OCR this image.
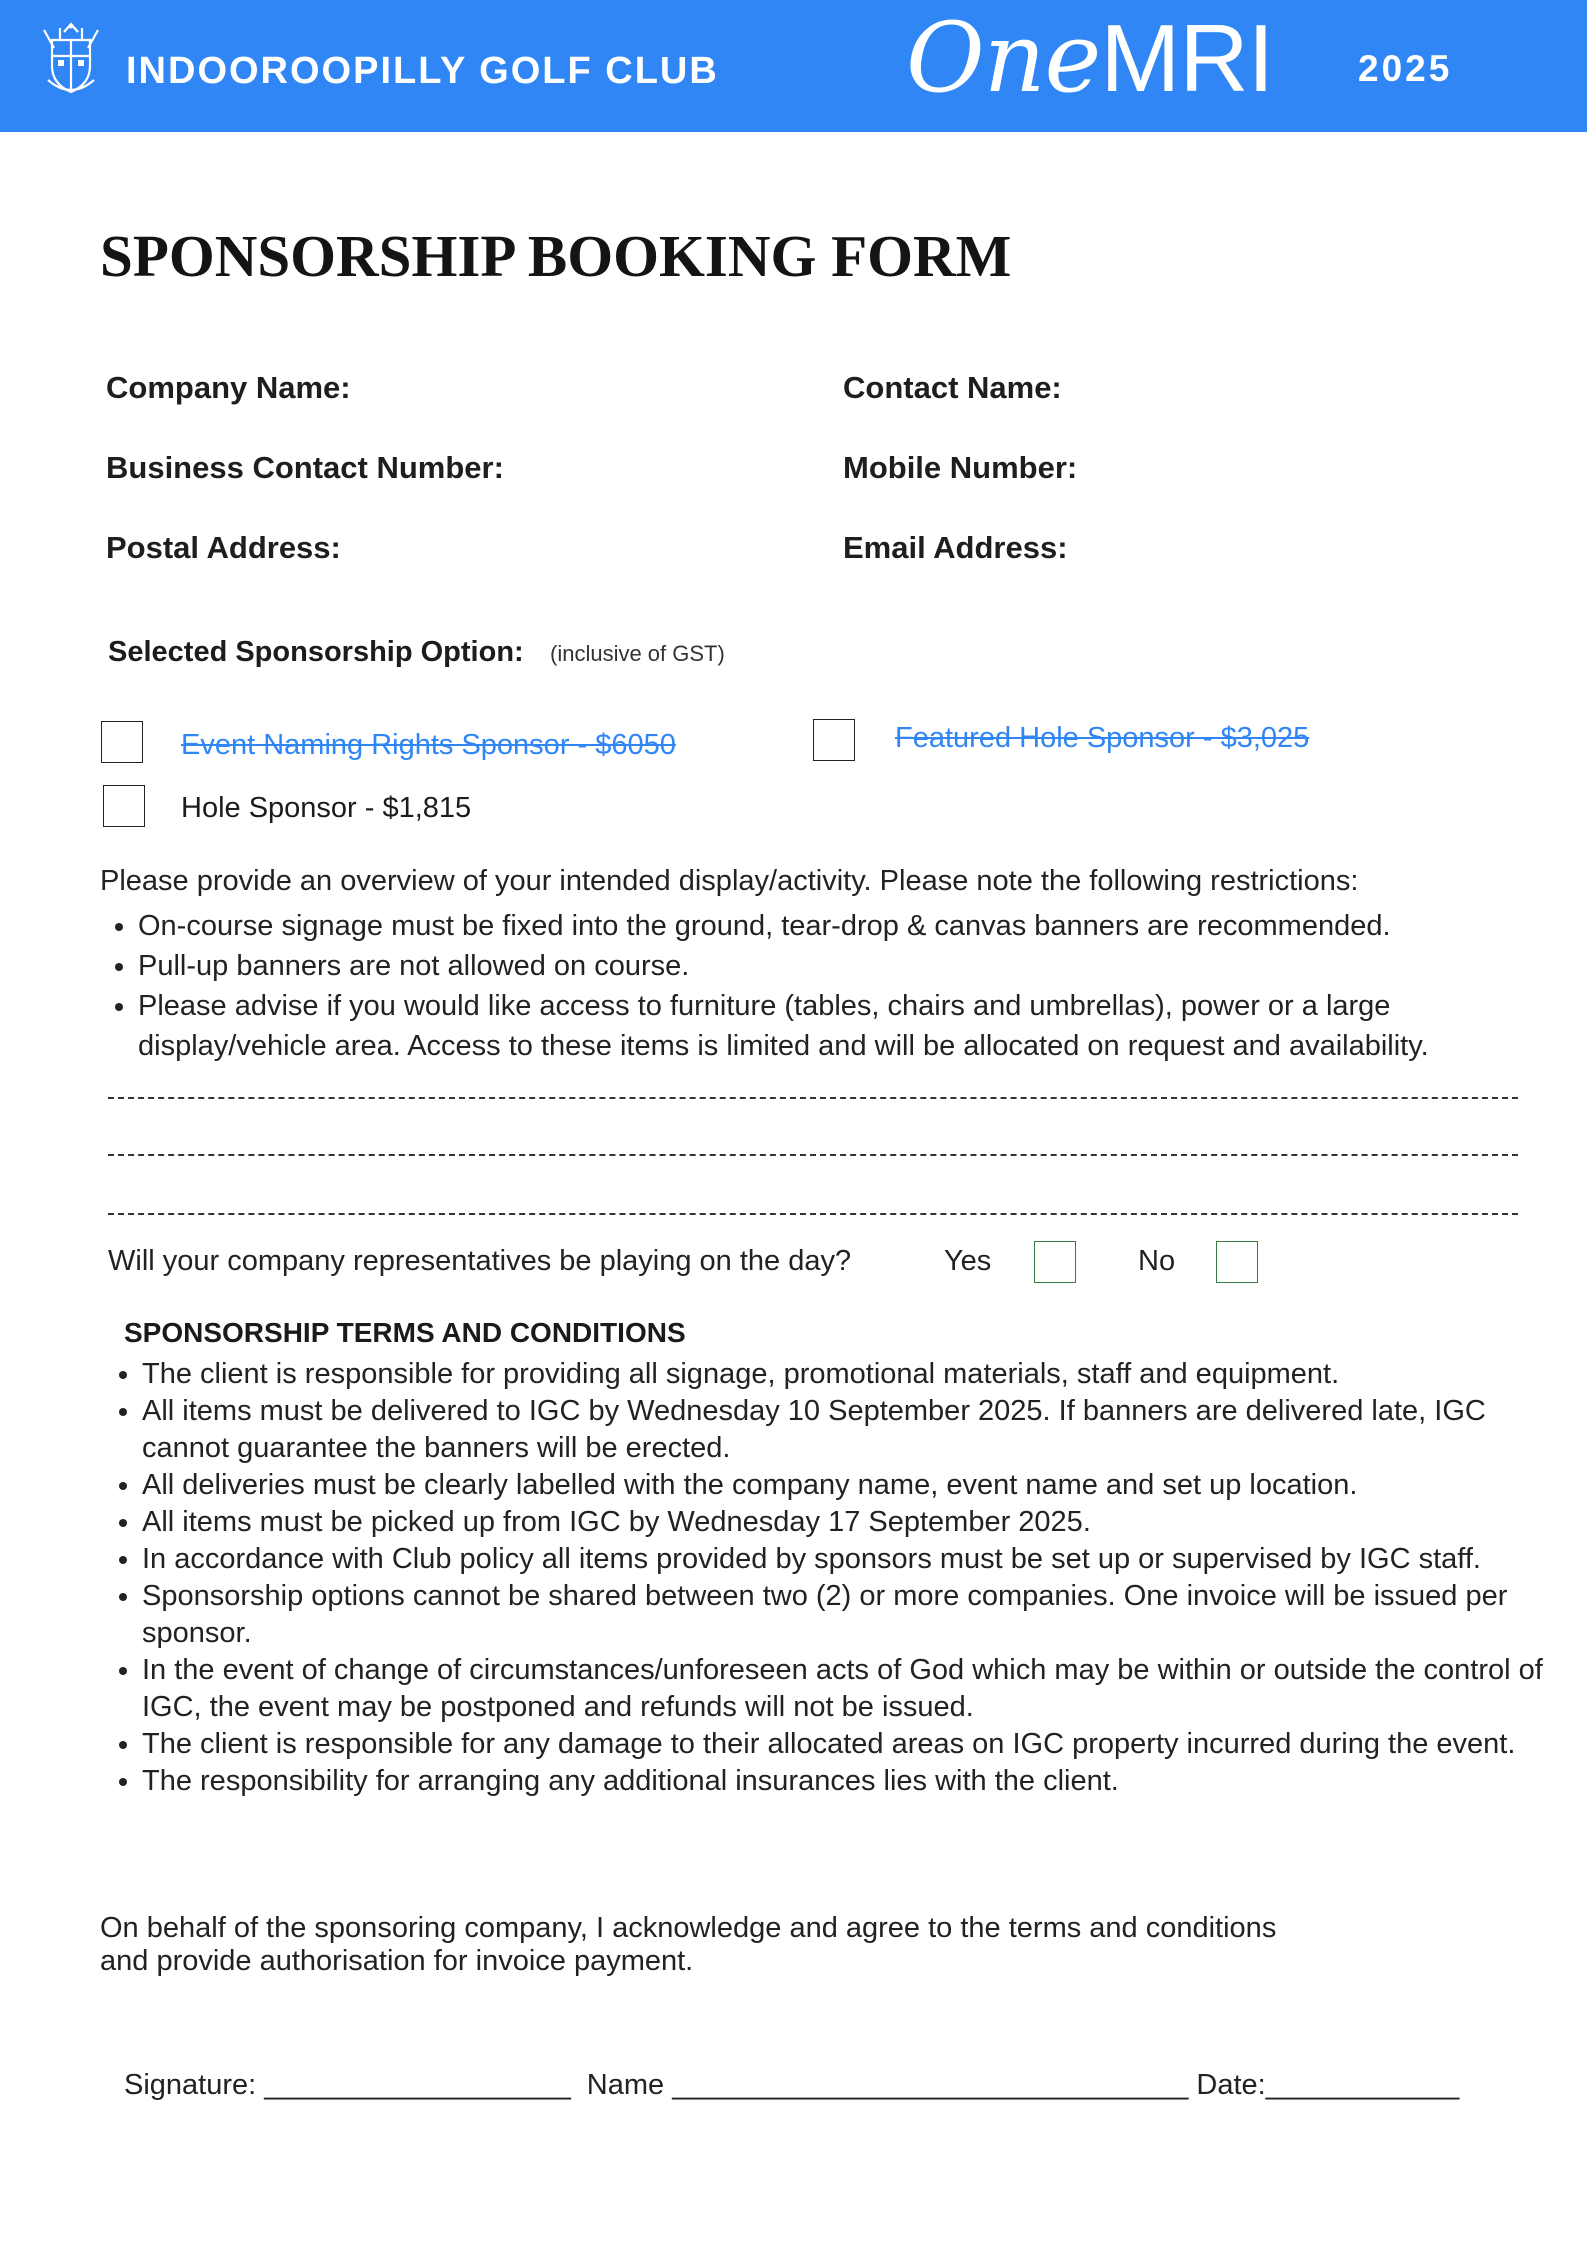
INDOOROOPILLY GOLF CLUB OneMRI 2025
SPONSORSHIP BOOKING FORM
Company Name:	Contact Name:
Business Contact Number:	Mobile Number:
Postal Address:	Email Address:
Selected Sponsorship Option: (inclusive of GST)
Event Naming Rights Sponsor - $6050	Featured Hole Sponsor - $3,025
Hole Sponsor - $1,815
Please provide an overview of your intended display/activity. Please note the following restrictions:
• On-course signage must be fixed into the ground, tear-drop & canvas banners are recommended.
• Pull-up banners are not allowed on course.
• Please advise if you would like access to furniture (tables, chairs and umbrellas), power or a large display/vehicle area. Access to these items is limited and will be allocated on request and availability.
Will your company representatives be playing on the day?	Yes	No
SPONSORSHIP TERMS AND CONDITIONS
• The client is responsible for providing all signage, promotional materials, staff and equipment.
• All items must be delivered to IGC by Wednesday 10 September 2025. If banners are delivered late, IGC cannot guarantee the banners will be erected.
• All deliveries must be clearly labelled with the company name, event name and set up location.
• All items must be picked up from IGC by Wednesday 17 September 2025.
• In accordance with Club policy all items provided by sponsors must be set up or supervised by IGC staff.
• Sponsorship options cannot be shared between two (2) or more companies. One invoice will be issued per sponsor.
• In the event of change of circumstances/unforeseen acts of God which may be within or outside the control of IGC, the event may be postponed and refunds will not be issued.
• The client is responsible for any damage to their allocated areas on IGC property incurred during the event.
• The responsibility for arranging any additional insurances lies with the client.
On behalf of the sponsoring company, I acknowledge and agree to the terms and conditions
and provide authorisation for invoice payment.
Signature: ___________________  Name ________________________________ Date:____________
